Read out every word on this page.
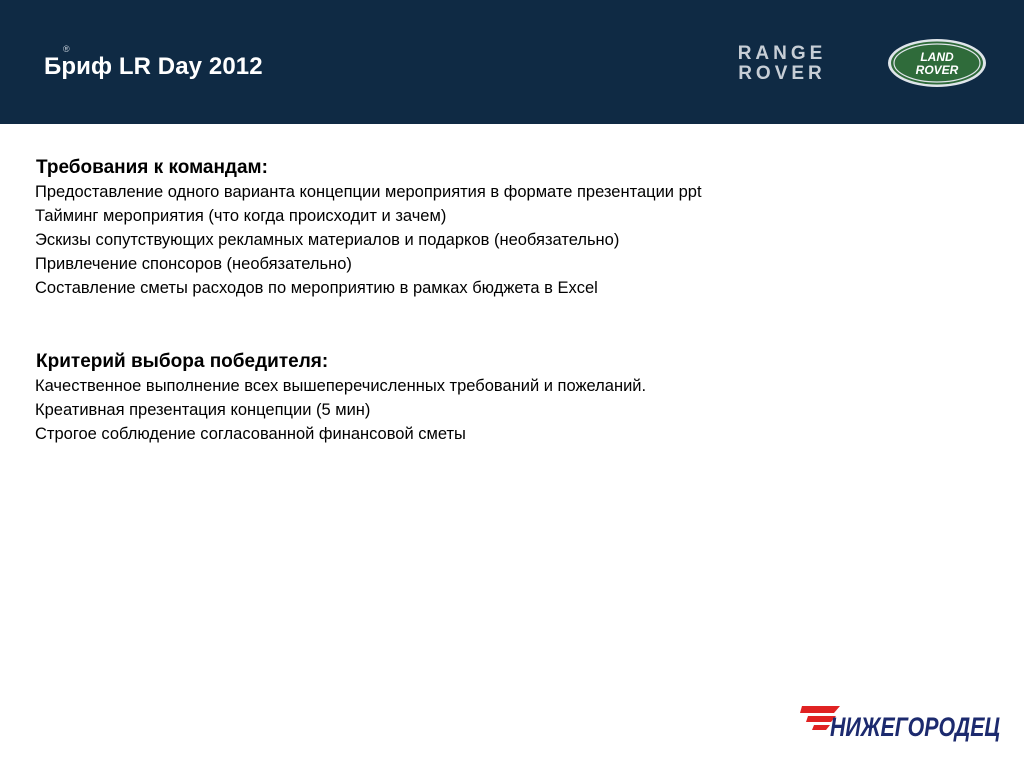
®
Бриф LR Day 2012	RANGE
ROVER
LAND
ROVER
Требования к командам:
Предоставление одного варианта концепции мероприятия в формате презентации ppt
Тайминг мероприятия (что когда происходит и зачем)
Эскизы сопутствующих рекламных материалов и подарков (необязательно)
Привлечение спонсоров (необязательно)
Составление сметы расходов по мероприятию в рамках бюджета в Excel
Критерий выбора победителя:
Качественное выполнение всех вышеперечисленных требований и пожеланий.
Креативная презентация концепции (5 мин)
Строгое соблюдение согласованной финансовой сметы
НИЖЕГОРОДЕЦ
